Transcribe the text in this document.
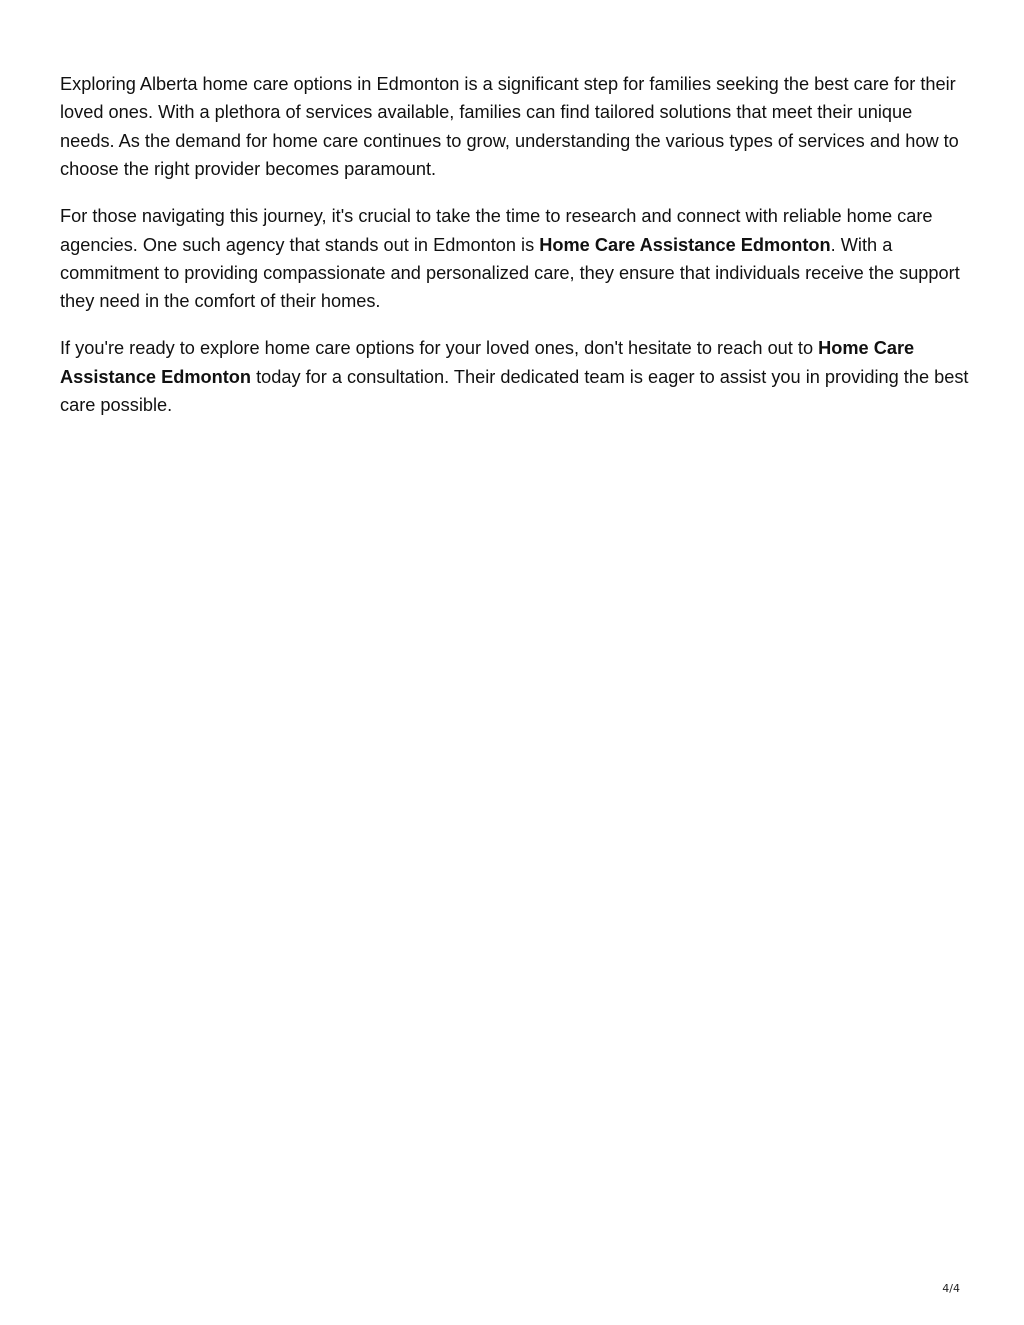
Exploring Alberta home care options in Edmonton is a significant step for families seeking the best care for their loved ones. With a plethora of services available, families can find tailored solutions that meet their unique needs. As the demand for home care continues to grow, understanding the various types of services and how to choose the right provider becomes paramount.

For those navigating this journey, it's crucial to take the time to research and connect with reliable home care agencies. One such agency that stands out in Edmonton is Home Care Assistance Edmonton. With a commitment to providing compassionate and personalized care, they ensure that individuals receive the support they need in the comfort of their homes.

If you're ready to explore home care options for your loved ones, don't hesitate to reach out to Home Care Assistance Edmonton today for a consultation. Their dedicated team is eager to assist you in providing the best care possible.

4/4
